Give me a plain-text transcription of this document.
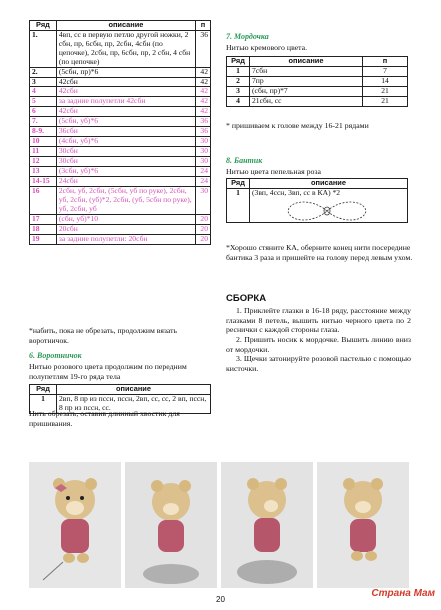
Ряд	описание	п
1.	4вп, сс в первую петлю другой ножки, 2 сбн, пр, 6сбн, пр, 2сбн, 4сбн (по цепочке), 2сбн, пр, 6сбн, пр, 2 сбн, 4 сбн (по цепочке)	36
2.	(5сбн, пр)*6	42
3	42сбн	42
4	42сбн	42
5	за задние полупетли 42сбн	42
6	42сбн	42
7.	(5сбн, уб)*6	36
8-9.	36сбн	36
10	(4сбн, уб)*6	30
11	30сбн	30
12	30сбн	30
13	(3сбн, уб)*6	24
14-15	24сбн	24
16	2сбн, уб, 2сбн, (5сбн, уб по руке), 2сбн, уб, 2сбн, (уб)*2, 2сбн, (уб, 5сбн по руке), уб, 2сбн, уб	30
17	(сбн, уб)*10	20
18	20сбн	20
19	за задние полупетли: 20сбн	20
*набить, пока не обрезать, продолжим вязать воротничок.
6. Воротничок
Нитью розового цвета продолжим по передним полупетлям 19-го ряда тела
Ряд	описание
1	2вп, 8 пр из псcн, псcн, 2вп, сс, сс, 2 вп, псcн, 8 пр из псcн, сс.
Нить обрезать, оставив длинный хвостик для пришивания.
7. Мордочка
Нитью кремового цвета.
Ряд	описание	п
1	7сбн	7
2	7пр	14
3	(сбн, пр)*7	21
4	21сбн, сс	21
* пришиваем к голове между 16-21 рядами
8. Бантик
Нитью цвета пепельная роза
Ряд	описание
1	(3вп, 4ссн, 3вп, сс в КА) *2
*Хорошо стяните КА, оберните конец нити посередине бантика 3 раза и пришейте на голову перед левым ухом.
СБОРКА

1. Приклейте глазки в 16-18 ряду, расстояние между глазками 8 петель, вышить нитью черного цвета по 2 реснички с каждой стороны глаза.

2. Пришить носик к мордочке. Вышить линию вниз от мордочки.

3. Щечки затонируйте розовой пастелью с помощью кисточки.

20
Страна Мам
